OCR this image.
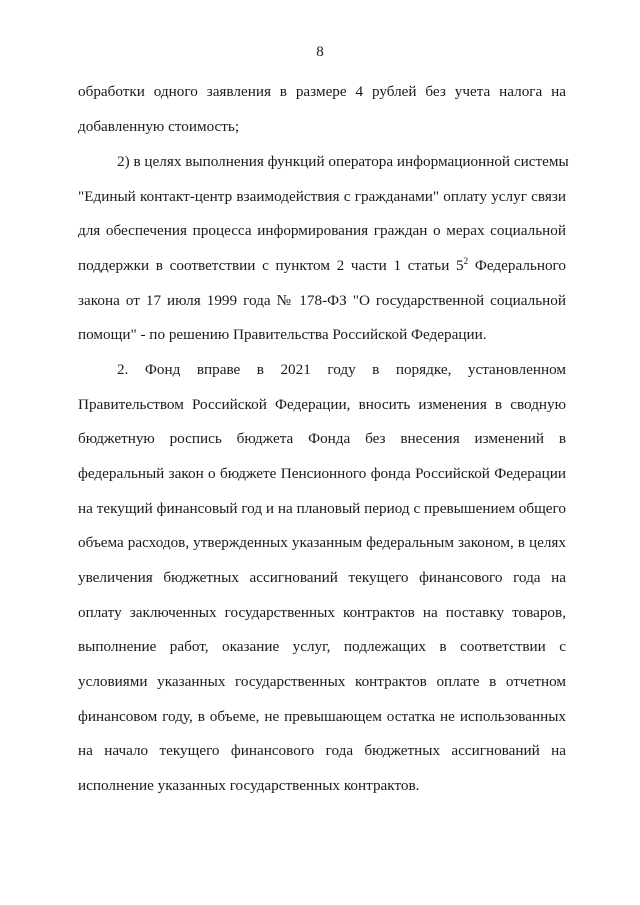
8
обработки одного заявления в размере 4 рублей без учета налога на
добавленную стоимость;
2) в целях выполнения функций оператора информационной системы
"Единый контакт-центр взаимодействия с гражданами" оплату услуг связи
для обеспечения процесса информирования граждан о мерах социальной
поддержки в соответствии с пунктом 2 части 1 статьи $5^2$ Федерального
закона от 17 июля 1999 года № 178-ФЗ "О государственной социальной
помощи" - по решению Правительства Российской Федерации.
2. Фонд вправе в 2021 году в порядке, установленном
Правительством Российской Федерации, вносить изменения в сводную
бюджетную роспись бюджета Фонда без внесения изменений в
федеральный закон о бюджете Пенсионного фонда Российской Федерации
на текущий финансовый год и на плановый период с превышением общего
объема расходов, утвержденных указанным федеральным законом, в целях
увеличения бюджетных ассигнований текущего финансового года на
оплату заключенных государственных контрактов на поставку товаров,
выполнение работ, оказание услуг, подлежащих в соответствии с
условиями указанных государственных контрактов оплате в отчетном
финансовом году, в объеме, не превышающем остатка не использованных
на начало текущего финансового года бюджетных ассигнований на
исполнение указанных государственных контрактов.
